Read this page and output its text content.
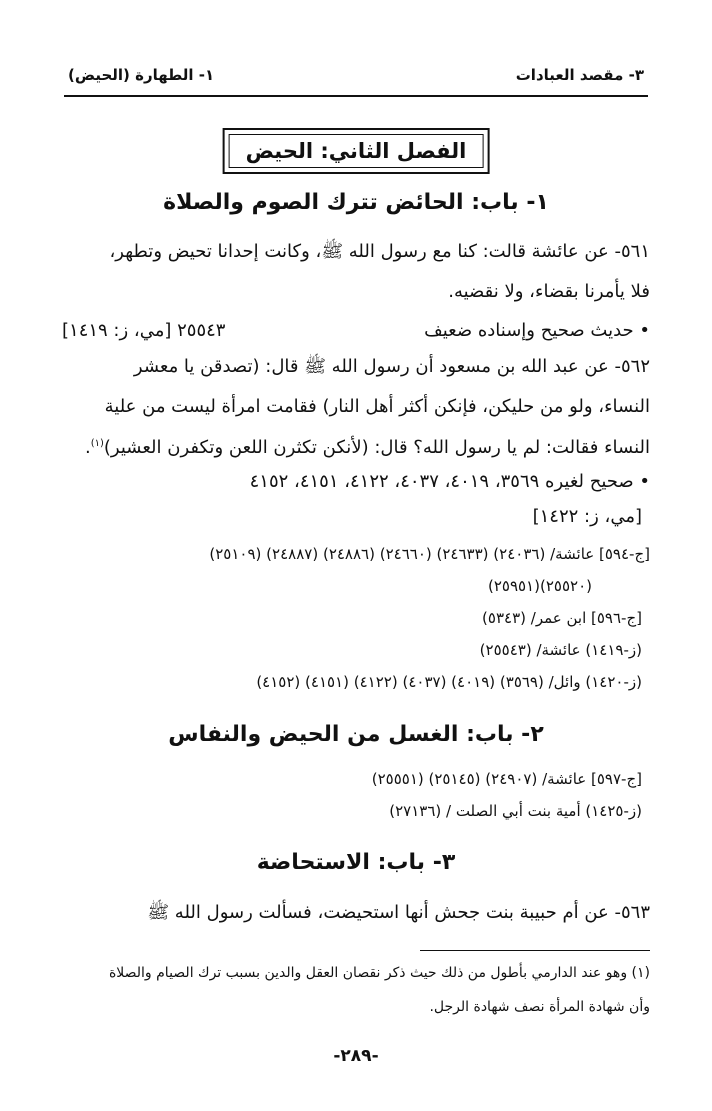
٣- مقصد العبادات
١- الطهارة (الحيض)
الفصل الثاني: الحيض
١- باب: الحائض تترك الصوم والصلاة
٥٦١- عن عائشة قالت: كنا مع رسول الله ﷺ، وكانت إحدانا تحيض وتطهر،
فلا يأمرنا بقضاء، ولا نقضيه.
• حديث صحيح وإسناده ضعيف
٢٥٥٤٣ [مي، ز: ١٤١٩]
٥٦٢- عن عبد الله بن مسعود أن رسول الله ﷺ قال: (تصدقن يا معشر
النساء، ولو من حليكن، فإنكن أكثر أهل النار) فقامت امرأة ليست من علية
النساء فقالت: لم يا رسول الله؟ قال: (لأنكن تكثرن اللعن وتكفرن العشير)$^{(١)}$.
• صحيح لغيره ٣٥٦٩، ٤٠١٩، ٤٠٣٧، ٤١٢٢، ٤١٥١، ٤١٥٢
[مي، ز: ١٤٢٢]
[ج-٥٩٤] عائشة/ (٢٤٠٣٦) (٢٤٦٣٣) (٢٤٦٦٠) (٢٤٨٨٦) (٢٤٨٨٧) (٢٥١٠٩)
(٢٥٥٢٠)(٢٥٩٥١)
[ج-٥٩٦] ابن عمر/ (٥٣٤٣)
(ز-١٤١٩) عائشة/ (٢٥٥٤٣)
(ز-١٤٢٠) وائل/ (٣٥٦٩) (٤٠١٩) (٤٠٣٧) (٤١٢٢) (٤١٥١) (٤١٥٢)
٢- باب: الغسل من الحيض والنفاس
[ج-٥٩٧] عائشة/ (٢٤٩٠٧) (٢٥١٤٥) (٢٥٥٥١)
(ز-١٤٢٥) أمية بنت أبي الصلت / (٢٧١٣٦)
٣- باب: الاستحاضة
٥٦٣- عن أم حبيبة بنت جحش أنها استحيضت، فسألت رسول الله ﷺ
(١) وهو عند الدارمي بأطول من ذلك حيث ذكر نقصان العقل والدين بسبب ترك الصيام والصلاة
وأن شهادة المرأة نصف شهادة الرجل.
-٢٨٩-
